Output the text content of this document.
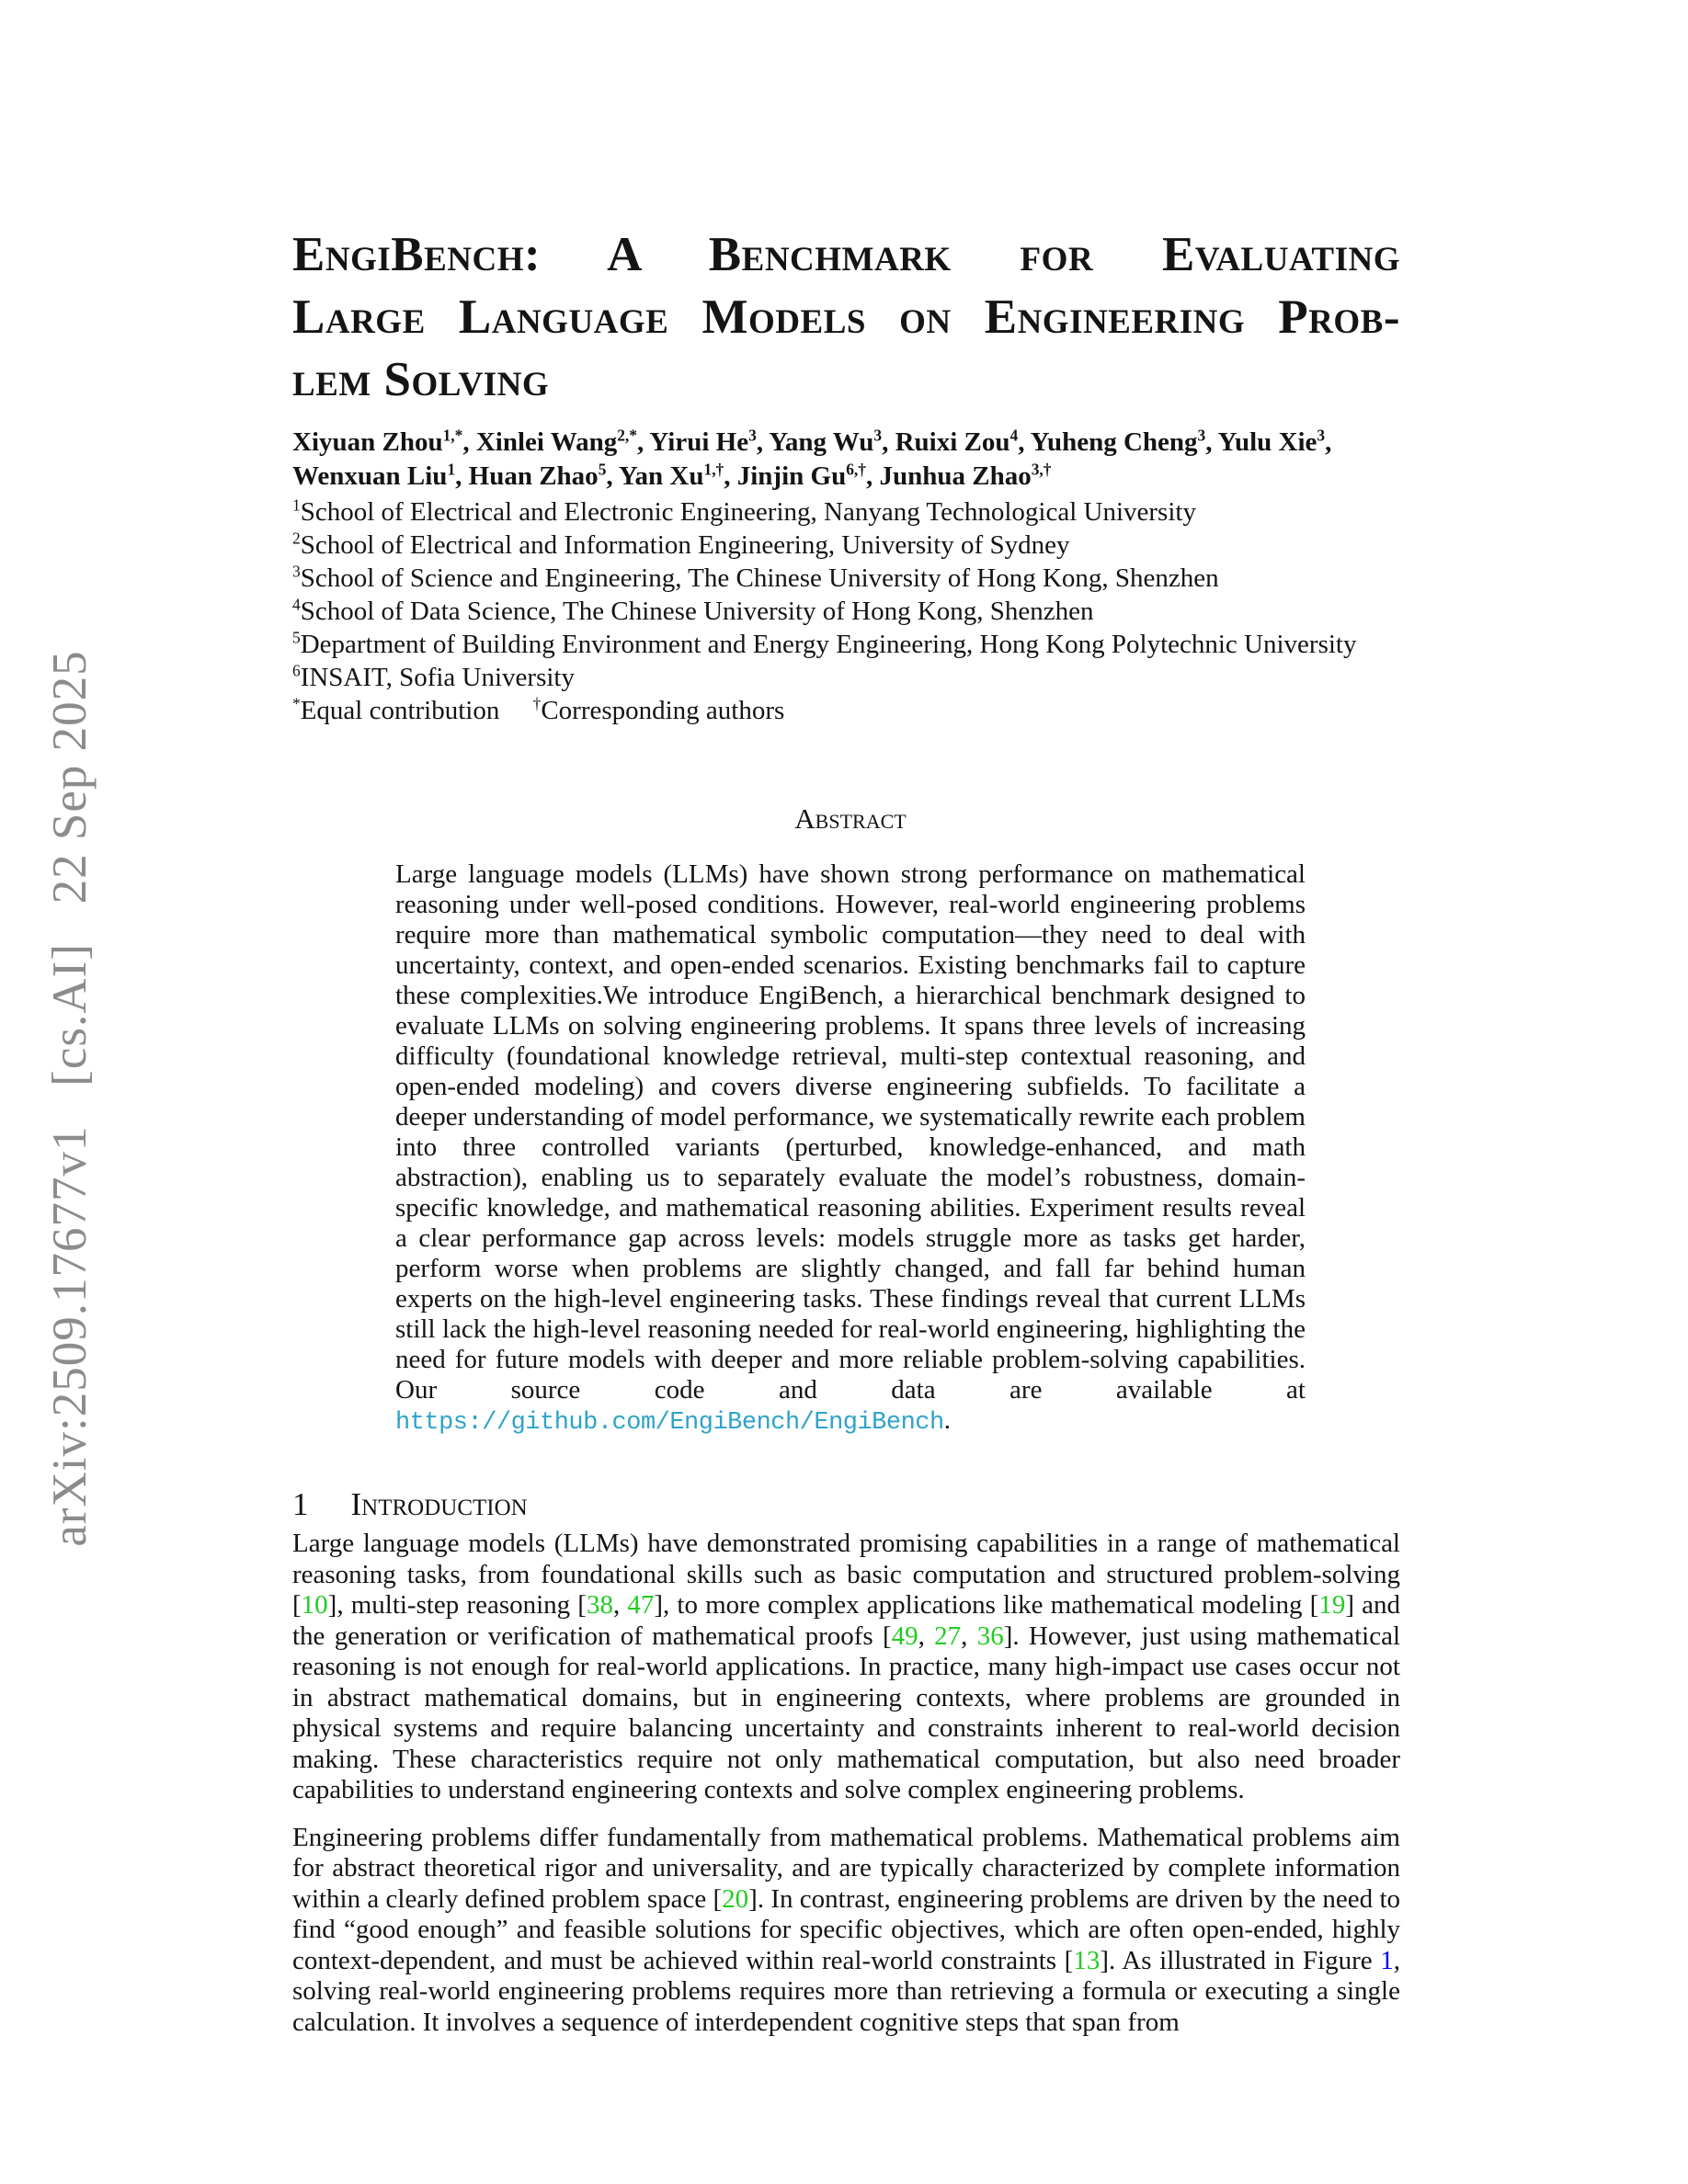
arXiv:2509.17677v1   [cs.AI]   22 Sep 2025
EngiBench: A Benchmark for Evaluating
Large Language Models on Engineering Prob-
lem Solving
Xiyuan Zhou$^{1,*}$, Xinlei Wang$^{2,*}$, Yirui He$^3$, Yang Wu$^3$, Ruixi Zou$^4$, Yuheng Cheng$^3$, Yulu Xie$^3$,
Wenxuan Liu$^1$, Huan Zhao$^5$, Yan $Xu^{1,\dagger}$, Jinjin $Gu^{6,\dagger}$, Junhua Zhao$^{3,\dagger}$
$^1$School of Electrical and Electronic Engineering, Nanyang Technological University
$^2$School of Electrical and Information Engineering, University of Sydney
$^3$School of Science and Engineering, The Chinese University of Hong Kong, Shenzhen
$^4$School of Data Science, The Chinese University of Hong Kong, Shenzhen
$^5$Department of Building Environment and Energy Engineering, Hong Kong Polytechnic University
$^6$INSAIT, Sofia University
*Equal contribution †Corresponding authors
Abstract

Large language models (LLMs) have shown strong performance on mathematical reasoning under well-posed conditions. However, real-world engineering problems require more than mathematical symbolic computation—they need to deal with uncertainty, context, and open-ended scenarios. Existing benchmarks fail to capture these complexities.We introduce EngiBench, a hierarchical benchmark designed to evaluate LLMs on solving engineering problems. It spans three levels of increasing difficulty (foundational knowledge retrieval, multi-step contextual reasoning, and open-ended modeling) and covers diverse engineering subfields. To facilitate a deeper understanding of model performance, we systematically rewrite each problem into three controlled variants (perturbed, knowledge-enhanced, and math abstraction), enabling us to separately evaluate the model’s robustness, domain-specific knowledge, and mathematical reasoning abilities. Experiment results reveal a clear performance gap across levels: models struggle more as tasks get harder, perform worse when problems are slightly changed, and fall far behind human experts on the high-level engineering tasks. These findings reveal that current LLMs still lack the high-level reasoning needed for real-world engineering, highlighting the need for future models with deeper and more reliable problem-solving capabilities. Our source code and data are available at https://github.com/EngiBench/EngiBench.

1 Introduction

Large language models (LLMs) have demonstrated promising capabilities in a range of mathematical reasoning tasks, from foundational skills such as basic computation and structured problem-solving [10], multi-step reasoning [38, 47], to more complex applications like mathematical modeling [19] and the generation or verification of mathematical proofs [49, 27, 36]. However, just using mathematical reasoning is not enough for real-world applications. In practice, many high-impact use cases occur not in abstract mathematical domains, but in engineering contexts, where problems are grounded in physical systems and require balancing uncertainty and constraints inherent to real-world decision making. These characteristics require not only mathematical computation, but also need broader capabilities to understand engineering contexts and solve complex engineering problems.

Engineering problems differ fundamentally from mathematical problems. Mathematical problems aim for abstract theoretical rigor and universality, and are typically characterized by complete information within a clearly defined problem space [20]. In contrast, engineering problems are driven by the need to find “good enough” and feasible solutions for specific objectives, which are often open-ended, highly context-dependent, and must be achieved within real-world constraints [13]. As illustrated in Figure 1, solving real-world engineering problems requires more than retrieving a formula or executing a single calculation. It involves a sequence of interdependent cognitive steps that span from
